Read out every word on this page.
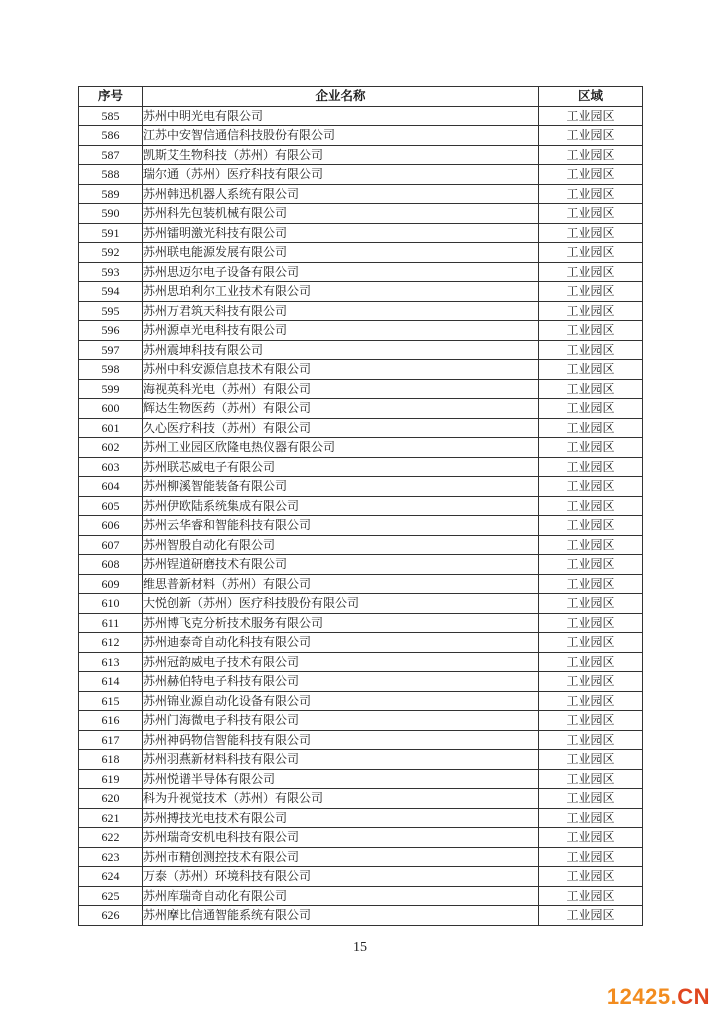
序号	企业名称	区域
585	苏州中明光电有限公司	工业园区
586	江苏中安智信通信科技股份有限公司	工业园区
587	凯斯艾生物科技（苏州）有限公司	工业园区
588	瑞尔通（苏州）医疗科技有限公司	工业园区
589	苏州韩迅机器人系统有限公司	工业园区
590	苏州科先包装机械有限公司	工业园区
591	苏州镭明激光科技有限公司	工业园区
592	苏州联电能源发展有限公司	工业园区
593	苏州思迈尔电子设备有限公司	工业园区
594	苏州思珀利尔工业技术有限公司	工业园区
595	苏州万君筑天科技有限公司	工业园区
596	苏州源卓光电科技有限公司	工业园区
597	苏州震坤科技有限公司	工业园区
598	苏州中科安源信息技术有限公司	工业园区
599	海视英科光电（苏州）有限公司	工业园区
600	辉达生物医药（苏州）有限公司	工业园区
601	久心医疗科技（苏州）有限公司	工业园区
602	苏州工业园区欣隆电热仪器有限公司	工业园区
603	苏州联芯威电子有限公司	工业园区
604	苏州柳溪智能装备有限公司	工业园区
605	苏州伊欧陆系统集成有限公司	工业园区
606	苏州云华睿和智能科技有限公司	工业园区
607	苏州智殷自动化有限公司	工业园区
608	苏州锃道研磨技术有限公司	工业园区
609	维思普新材料（苏州）有限公司	工业园区
610	大悦创新（苏州）医疗科技股份有限公司	工业园区
611	苏州博飞克分析技术服务有限公司	工业园区
612	苏州迪泰奇自动化科技有限公司	工业园区
613	苏州冠韵威电子技术有限公司	工业园区
614	苏州赫伯特电子科技有限公司	工业园区
615	苏州锦业源自动化设备有限公司	工业园区
616	苏州门海微电子科技有限公司	工业园区
617	苏州神码物信智能科技有限公司	工业园区
618	苏州羽燕新材料科技有限公司	工业园区
619	苏州悦谱半导体有限公司	工业园区
620	科为升视觉技术（苏州）有限公司	工业园区
621	苏州搏技光电技术有限公司	工业园区
622	苏州瑞奇安机电科技有限公司	工业园区
623	苏州市精创测控技术有限公司	工业园区
624	万泰（苏州）环境科技有限公司	工业园区
625	苏州库瑞奇自动化有限公司	工业园区
626	苏州摩比信通智能系统有限公司	工业园区
15
12425.CN
